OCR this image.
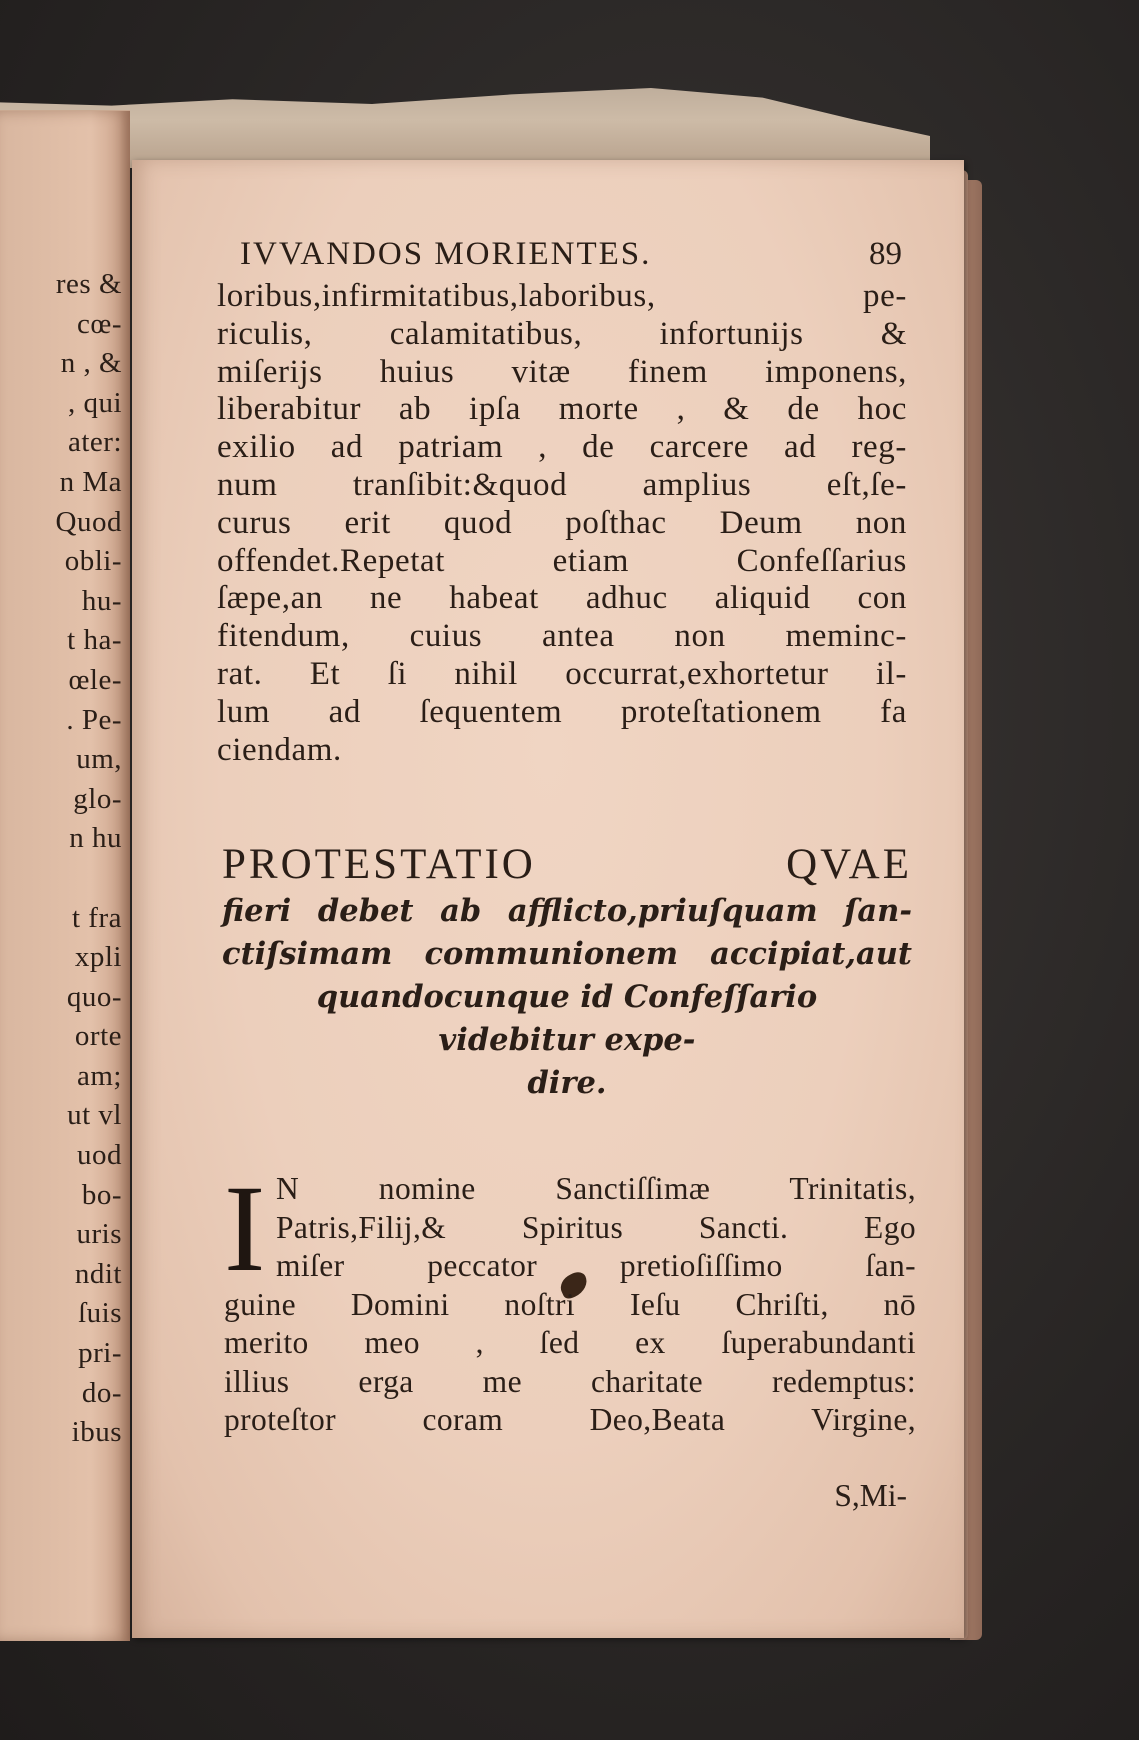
res &
cœ-
n , &
, qui
ater:
n Ma
Quod
obli-
hu-
t ha-
œle-
. Pe-
um,
glo-
n hu

t fra
xpli
quo-
orte
am;
ut vl
uod
bo-
uris
ndit
ſuis
pri-
do-
ibus
IVVANDOS MORIENTES.	89
loribus,infirmitatibus,laboribus, pe-
riculis, calamitatibus, infortunijs &
miſerijs huius vitæ finem imponens,
liberabitur ab ipſa morte , & de hoc
exilio ad patriam , de carcere ad reg-
num tranſibit:&quod amplius eſt,ſe-
curus erit quod poſthac Deum non
offendet.Repetat etiam Confeſſarius
ſæpe,an ne habeat adhuc aliquid con
fitendum, cuius antea non meminc-
rat. Et ſi nihil occurrat,exhortetur il-
lum ad ſequentem proteſtationem fa
ciendam.
PROTESTATIO QVAE
fieri debet ab afflicto,priuſquam ſan-
ctiſsimam communionem accipiat,aut
quandocunque id Confeſſario
videbitur expe-
dire.
I N nomine Sanctiſſimæ Trinitatis,
Patris,Filij,& Spiritus Sancti. Ego
miſer peccator pretioſiſſimo ſan-
guine Domini noſtri Ieſu Chriſti, nō
merito meo , ſed ex ſuperabundanti
illius erga me charitate redemptus:
proteſtor coram Deo,Beata Virgine,
S,Mi-
